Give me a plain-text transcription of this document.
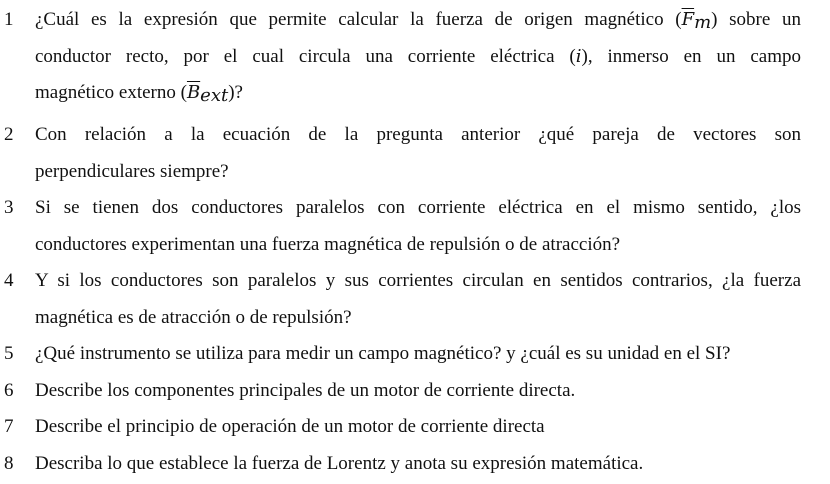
1 ¿Cuál es la expresión que permite calcular la fuerza de origen magnético $(\overline{F}_m)$ sobre un
conductor recto, por el cual circula una corriente eléctrica (i), inmerso en un campo
magnético externo $(\overline{B}_{ext})$?
2 Con relación a la ecuación de la pregunta anterior ¿qué pareja de vectores son
perpendiculares siempre?
3 Si se tienen dos conductores paralelos con corriente eléctrica en el mismo sentido, ¿los
conductores experimentan una fuerza magnética de repulsión o de atracción?
4 Y si los conductores son paralelos y sus corrientes circulan en sentidos contrarios, ¿la fuerza
magnética es de atracción o de repulsión?
5 ¿Qué instrumento se utiliza para medir un campo magnético? y ¿cuál es su unidad en el SI?
6 Describe los componentes principales de un motor de corriente directa.
7 Describe el principio de operación de un motor de corriente directa
8 Describa lo que establece la fuerza de Lorentz y anota su expresión matemática.
